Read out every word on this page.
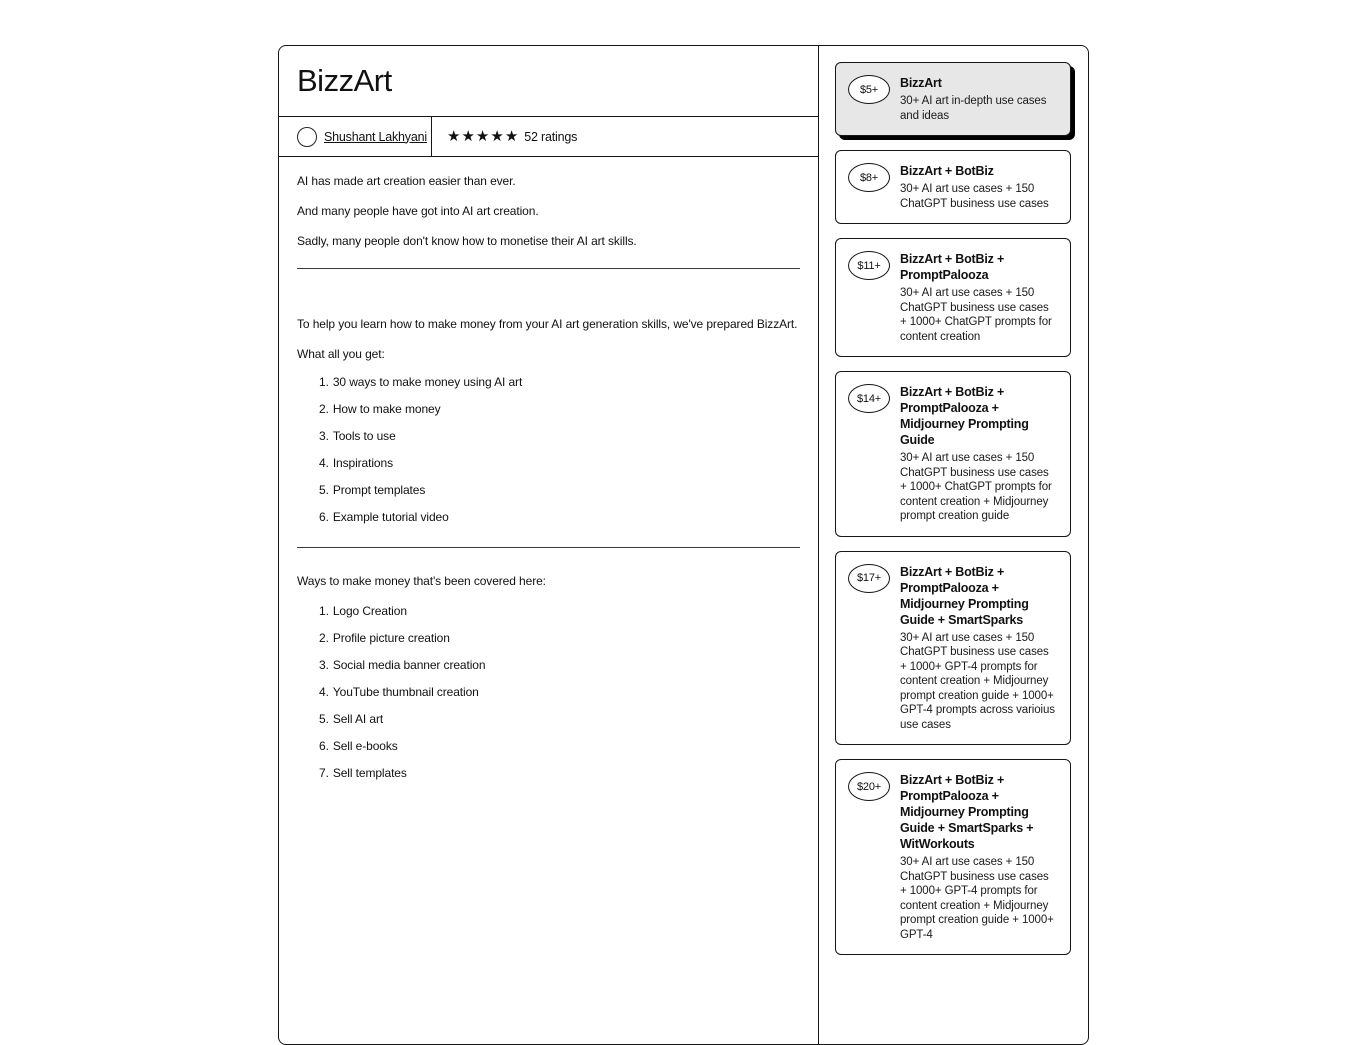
BizzArt
Shushant Lakhyani ★ ★ ★ ★ ★ 52 ratings

AI has made art creation easier than ever.

And many people have got into AI art creation.

Sadly, many people don't know how to monetise their AI art skills.

To help you learn how to make money from your AI art generation skills, we've prepared BizzArt.

What all you get:

1. 30 ways to make money using AI art
2. How to make money
3. Tools to use
4. Inspirations
5. Prompt templates
6. Example tutorial video

Ways to make money that's been covered here:

1. Logo Creation
2. Profile picture creation
3. Social media banner creation
4. YouTube thumbnail creation
5. Sell AI art
6. Sell e-books
7. Sell templates
$5+	BizzArt
30+ AI art in-depth use cases and ideas
$8+	BizzArt + BotBiz
30+ AI art use cases + 150 ChatGPT business use cases
$11+	BizzArt + BotBiz + PromptPalooza
30+ AI art use cases + 150 ChatGPT business use cases + 1000+ ChatGPT prompts for content creation
$14+	BizzArt + BotBiz + PromptPalooza + Midjourney Prompting Guide
30+ AI art use cases + 150 ChatGPT business use cases + 1000+ ChatGPT prompts for content creation + Midjourney prompt creation guide
$17+	BizzArt + BotBiz + PromptPalooza + Midjourney Prompting Guide + SmartSparks
30+ AI art use cases + 150 ChatGPT business use cases + 1000+ GPT-4 prompts for content creation + Midjourney prompt creation guide + 1000+ GPT-4 prompts across varioius use cases
$20+	BizzArt + BotBiz + PromptPalooza + Midjourney Prompting Guide + SmartSparks + WitWorkouts
30+ AI art use cases + 150 ChatGPT business use cases + 1000+ GPT-4 prompts for content creation + Midjourney prompt creation guide + 1000+ GPT-4
